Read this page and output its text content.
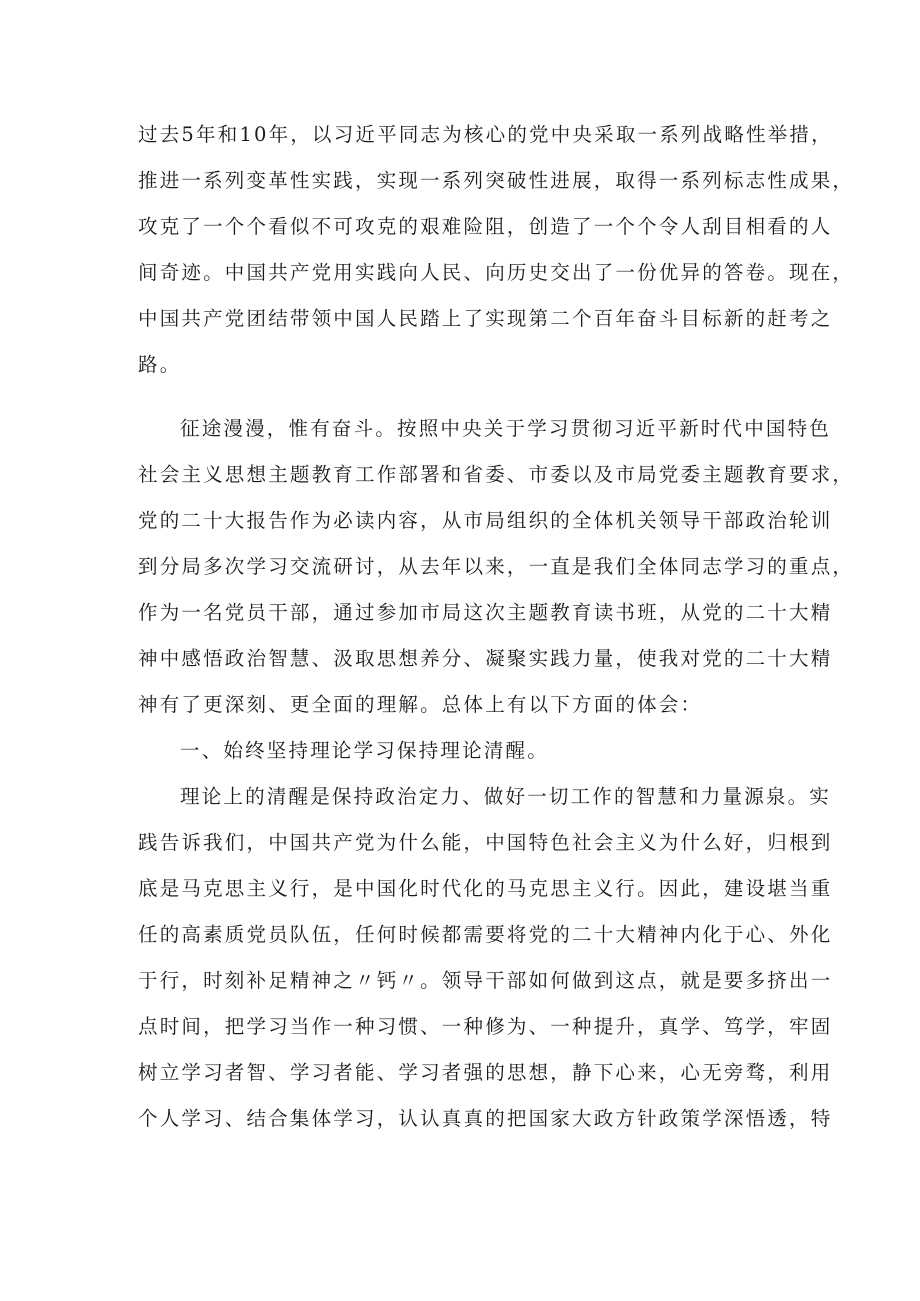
过去5年和10年，以习近平同志为核心的党中央采取一系列战略性举措，
推进一系列变革性实践，实现一系列突破性进展，取得一系列标志性成果，
攻克了一个个看似不可攻克的艰难险阻，创造了一个个令人刮目相看的人
间奇迹。中国共产党用实践向人民、向历史交出了一份优异的答卷。现在，
中国共产党团结带领中国人民踏上了实现第二个百年奋斗目标新的赶考之
路。
征途漫漫，惟有奋斗。按照中央关于学习贯彻习近平新时代中国特色
社会主义思想主题教育工作部署和省委、市委以及市局党委主题教育要求，
党的二十大报告作为必读内容，从市局组织的全体机关领导干部政治轮训
到分局多次学习交流研讨，从去年以来，一直是我们全体同志学习的重点，
作为一名党员干部，通过参加市局这次主题教育读书班，从党的二十大精
神中感悟政治智慧、汲取思想养分、凝聚实践力量，使我对党的二十大精
神有了更深刻、更全面的理解。总体上有以下方面的体会：
一、始终坚持理论学习保持理论清醒。
理论上的清醒是保持政治定力、做好一切工作的智慧和力量源泉。实
践告诉我们，中国共产党为什么能，中国特色社会主义为什么好，归根到
底是马克思主义行，是中国化时代化的马克思主义行。因此，建设堪当重
任的高素质党员队伍，任何时候都需要将党的二十大精神内化于心、外化
于行，时刻补足精神之〃钙〃。领导干部如何做到这点，就是要多挤出一
点时间，把学习当作一种习惯、一种修为、一种提升，真学、笃学，牢固
树立学习者智、学习者能、学习者强的思想，静下心来，心无旁骛，利用
个人学习、结合集体学习，认认真真的把国家大政方针政策学深悟透，特
